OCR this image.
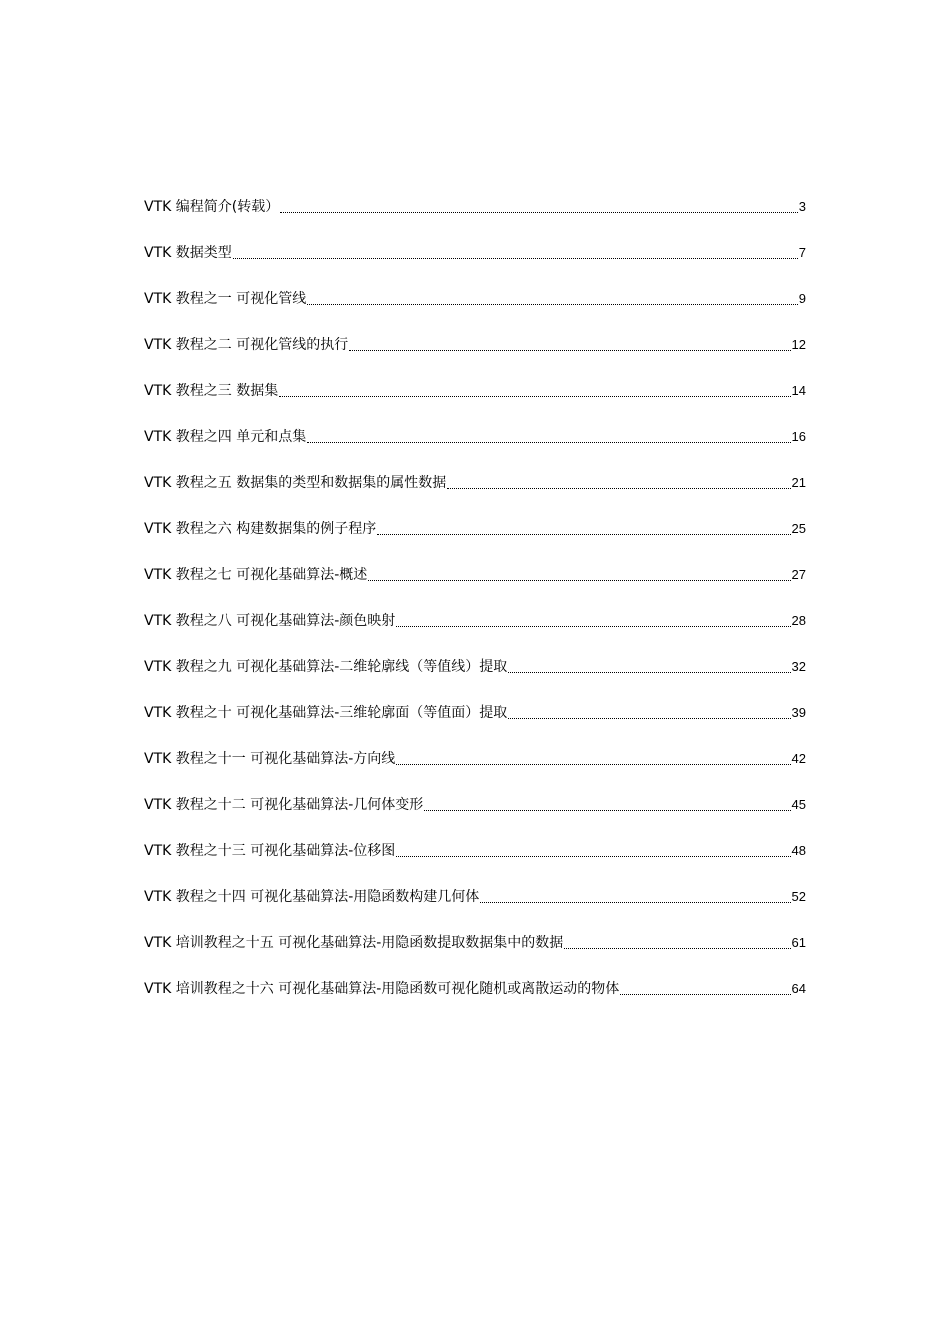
VTK 编程简介(转载）	3
VTK 数据类型	7
VTK 教程之一 可视化管线	9
VTK 教程之二 可视化管线的执行	12
VTK 教程之三 数据集	14
VTK 教程之四 单元和点集	16
VTK 教程之五 数据集的类型和数据集的属性数据	21
VTK 教程之六 构建数据集的例子程序	25
VTK 教程之七 可视化基础算法-概述	27
VTK 教程之八 可视化基础算法-颜色映射	28
VTK 教程之九 可视化基础算法-二维轮廓线（等值线）提取	32
VTK 教程之十 可视化基础算法-三维轮廓面（等值面）提取	39
VTK 教程之十一 可视化基础算法-方向线	42
VTK 教程之十二 可视化基础算法-几何体变形	45
VTK 教程之十三 可视化基础算法-位移图	48
VTK 教程之十四 可视化基础算法-用隐函数构建几何体	52
VTK 培训教程之十五 可视化基础算法-用隐函数提取数据集中的数据	61
VTK 培训教程之十六 可视化基础算法-用隐函数可视化随机或离散运动的物体	64
